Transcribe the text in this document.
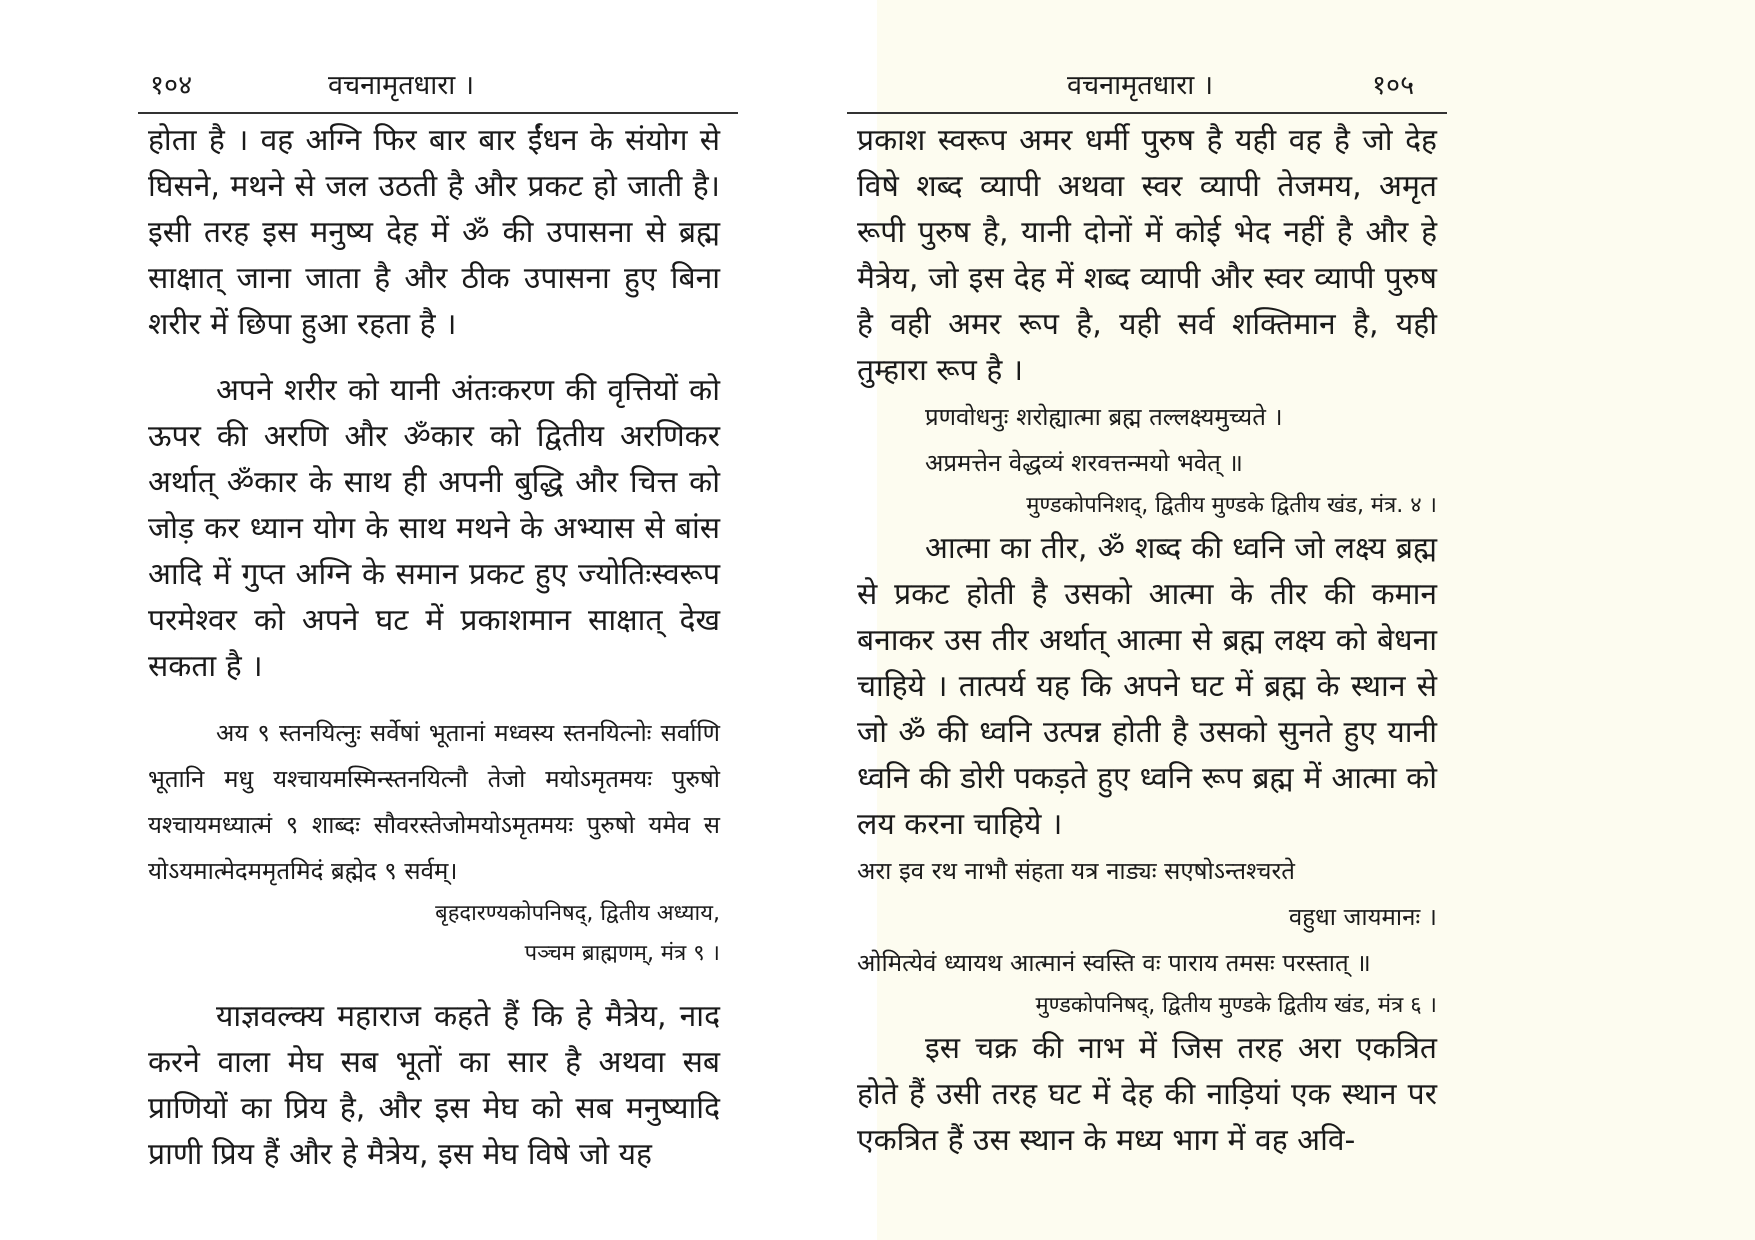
१०४	वचनामृतधारा ।

होता है । वह अग्नि फिर बार बार ईंधन के संयोग से घिसने, मथने से जल उठती है और प्रकट हो जाती है। इसी तरह इस मनुष्य देह में ॐ की उपासना से ब्रह्म साक्षात् जाना जाता है और ठीक उपासना हुए बिना शरीर में छिपा हुआ रहता है ।

अपने शरीर को यानी अंतःकरण की वृत्तियों को ऊपर की अरणि और ॐकार को द्वितीय अरणिकर अर्थात् ॐकार के साथ ही अपनी बुद्धि और चित्त को जोड़ कर ध्यान योग के साथ मथने के अभ्यास से बांस आदि में गुप्त अग्नि के समान प्रकट हुए ज्योतिःस्वरूप परमेश्वर को अपने घट में प्रकाशमान साक्षात् देख सकता है ।

अय ९ स्तनयित्नुः सर्वेषां भूतानां मध्वस्य स्तनयित्नोः सर्वाणि भूतानि मधु यश्चायमस्मिन्स्तनयित्नौ तेजो मयोऽमृतमयः पुरुषो यश्चायमध्यात्मं ९ शाब्दः सौवरस्तेजोमयोऽमृतमयः पुरुषो यमेव स योऽयमात्मेदममृतमिदं ब्रह्मेद ९ सर्वम्।

बृहदारण्यकोपनिषद्, द्वितीय अध्याय,

पञ्चम ब्राह्मणम्, मंत्र ९ ।

याज्ञवल्क्य महाराज कहते हैं कि हे मैत्रेय, नाद करने वाला मेघ सब भूतों का सार है अथवा सब प्राणियों का प्रिय है, और इस मेघ को सब मनुष्यादि प्राणी प्रिय हैं और हे मैत्रेय, इस मेघ विषे जो यह

वचनामृतधारा ।	१०५

प्रकाश स्वरूप अमर धर्मी पुरुष है यही वह है जो देह विषे शब्द व्यापी अथवा स्वर व्यापी तेजमय, अमृत रूपी पुरुष है, यानी दोनों में कोई भेद नहीं है और हे मैत्रेय, जो इस देह में शब्द व्यापी और स्वर व्यापी पुरुष है वही अमर रूप है, यही सर्व शक्तिमान है, यही तुम्हारा रूप है ।

प्रणवोधनुः शरोह्यात्मा ब्रह्म तल्लक्ष्यमुच्यते ।

अप्रमत्तेन वेद्धव्यं शरवत्तन्मयो भवेत् ॥

मुण्डकोपनिशद्, द्वितीय मुण्डके द्वितीय खंड, मंत्र. ४ ।

आत्मा का तीर, ॐ शब्द की ध्वनि जो लक्ष्य ब्रह्म से प्रकट होती है उसको आत्मा के तीर की कमान बनाकर उस तीर अर्थात् आत्मा से ब्रह्म लक्ष्य को बेधना चाहिये । तात्पर्य यह कि अपने घट में ब्रह्म के स्थान से जो ॐ की ध्वनि उत्पन्न होती है उसको सुनते हुए यानी ध्वनि की डोरी पकड़ते हुए ध्वनि रूप ब्रह्म में आत्मा को लय करना चाहिये ।

अरा इव रथ नाभौ संहता यत्र नाड्यः सएषोऽन्तश्चरते

वहुधा जायमानः ।

ओमित्येवं ध्यायथ आत्मानं स्वस्ति वः पाराय तमसः परस्तात् ॥

मुण्डकोपनिषद्, द्वितीय मुण्डके द्वितीय खंड, मंत्र ६ ।

इस चक्र की नाभ में जिस तरह अरा एकत्रित होते हैं उसी तरह घट में देह की नाड़ियां एक स्थान पर एकत्रित हैं उस स्थान के मध्य भाग में वह अवि-
